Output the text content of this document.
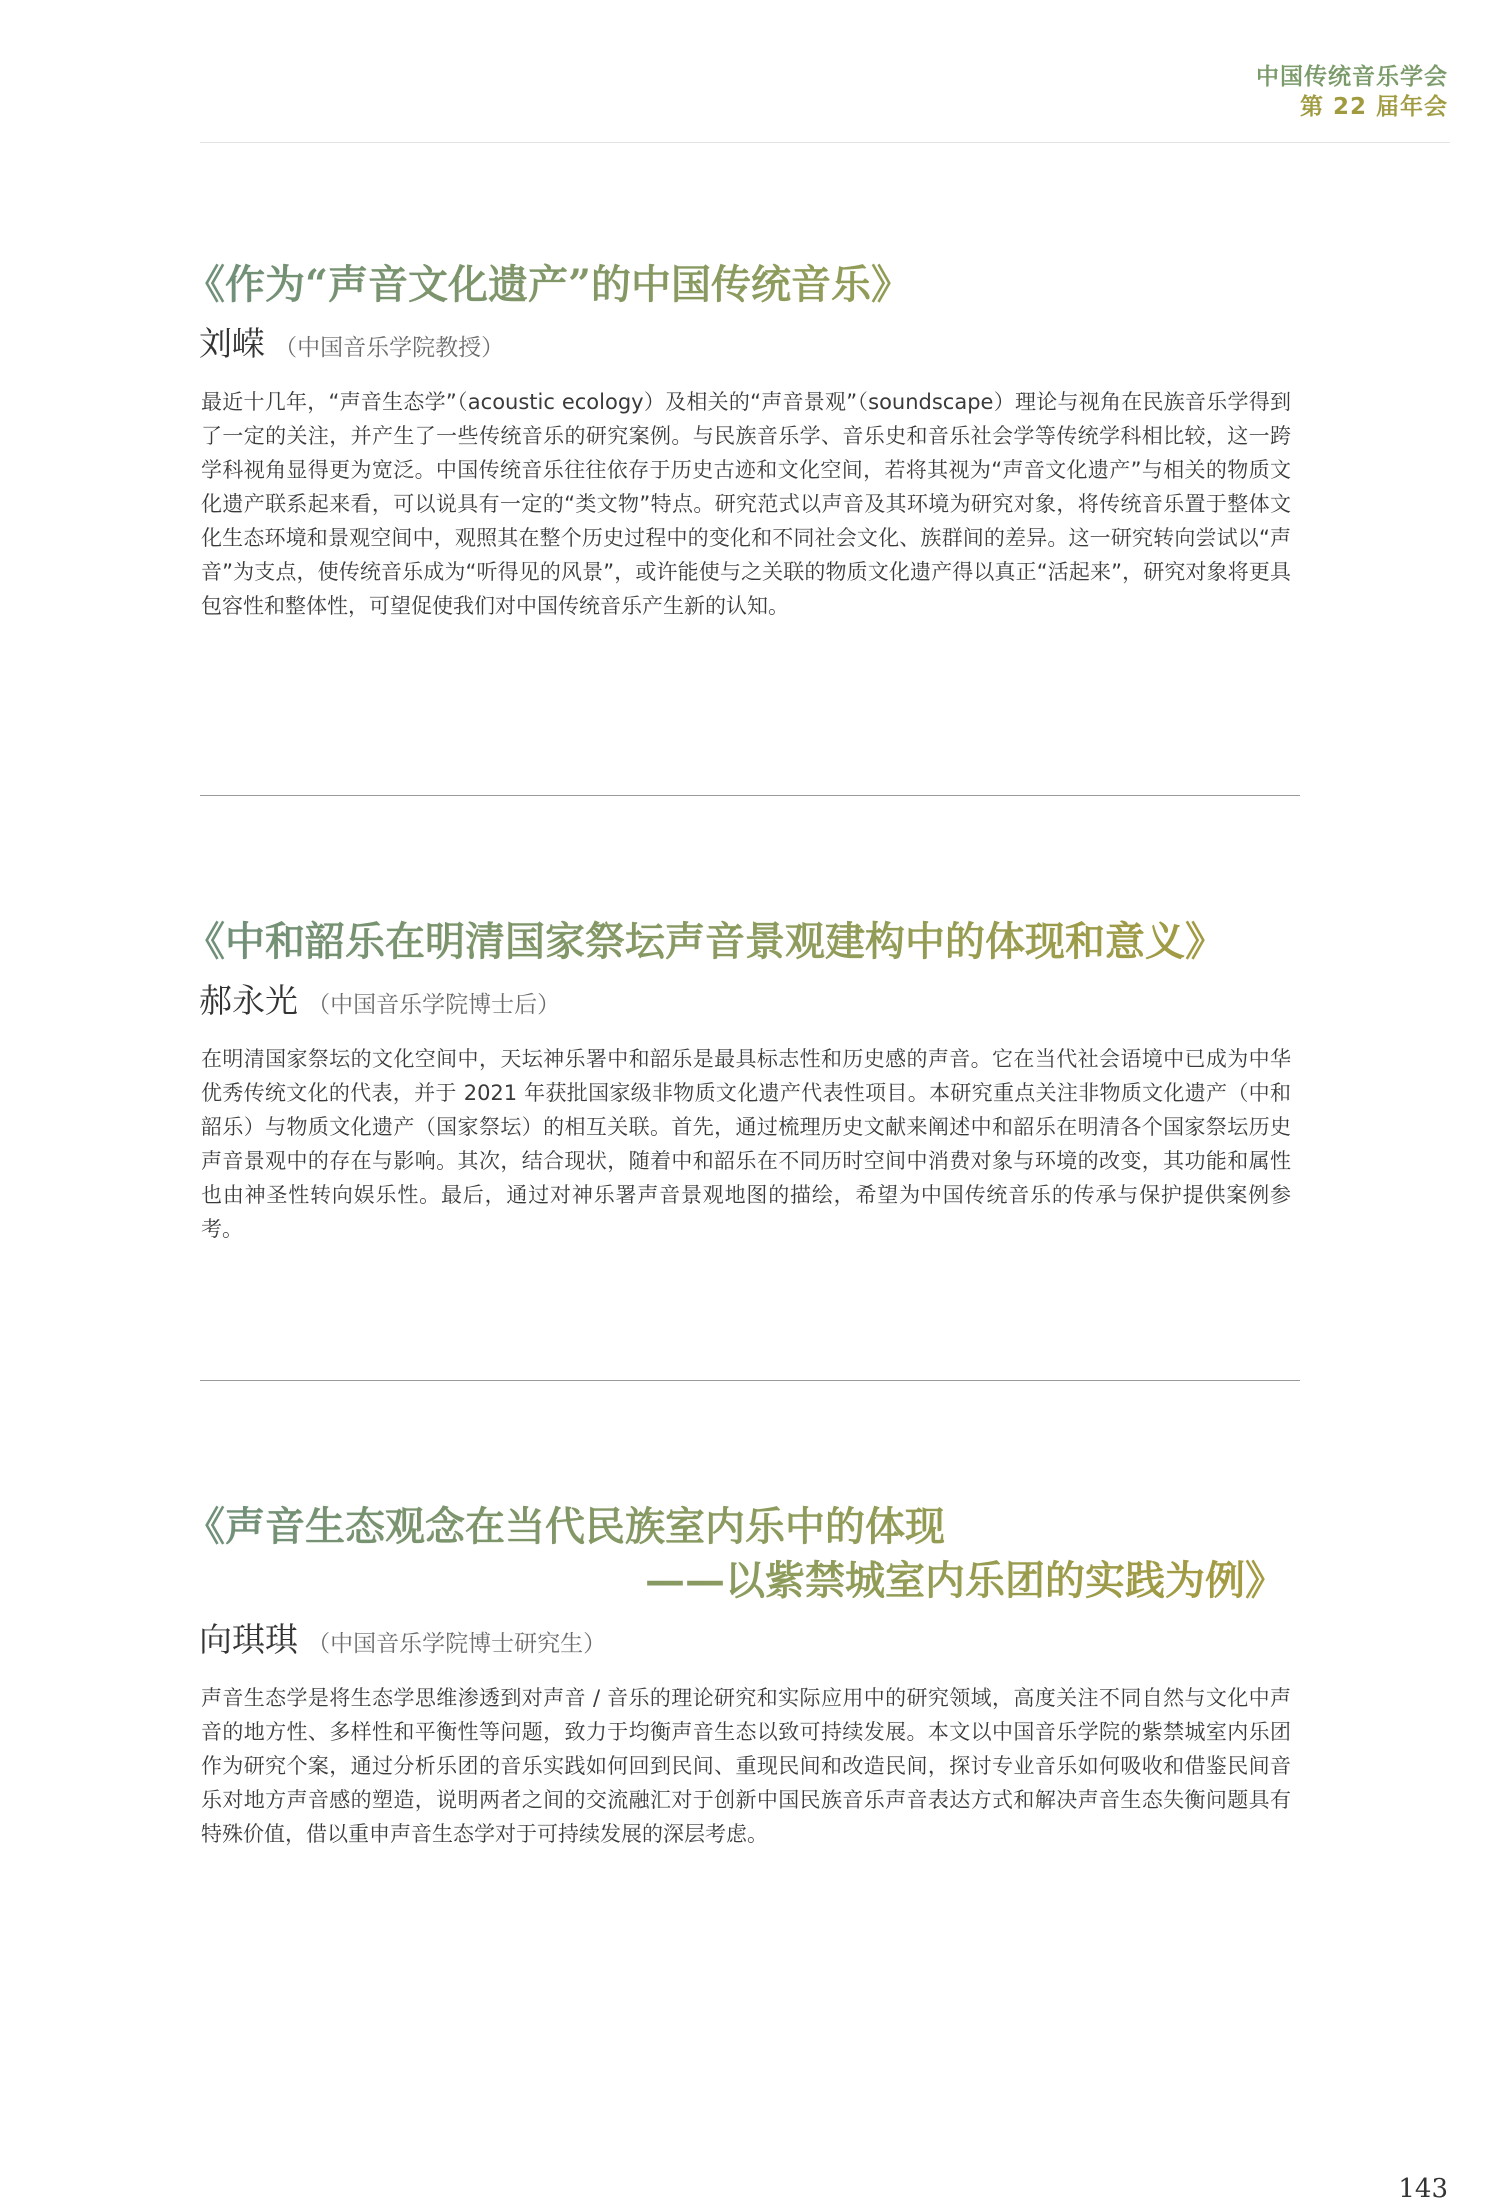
中国传统音乐学会
第 22 届年会
《作为“声音文化遗产”的中国传统音乐》
刘嵘 （中国音乐学院教授）
最近十几年，“声音生态学”（acoustic ecology）及相关的“声音景观”（soundscape）理论与视角在民族音乐学得到了一定的关注，并产生了一些传统音乐的研究案例。与民族音乐学、音乐史和音乐社会学等传统学科相比较，这一跨学科视角显得更为宽泛。中国传统音乐往往依存于历史古迹和文化空间，若将其视为“声音文化遗产”与相关的物质文化遗产联系起来看，可以说具有一定的“类文物”特点。研究范式以声音及其环境为研究对象，将传统音乐置于整体文化生态环境和景观空间中，观照其在整个历史过程中的变化和不同社会文化、族群间的差异。这一研究转向尝试以“声音”为支点，使传统音乐成为“听得见的风景”，或许能使与之关联的物质文化遗产得以真正“活起来”，研究对象将更具包容性和整体性，可望促使我们对中国传统音乐产生新的认知。
《中和韶乐在明清国家祭坛声音景观建构中的体现和意义》
郝永光 （中国音乐学院博士后）
在明清国家祭坛的文化空间中，天坛神乐署中和韶乐是最具标志性和历史感的声音。它在当代社会语境中已成为中华优秀传统文化的代表，并于 2021 年获批国家级非物质文化遗产代表性项目。本研究重点关注非物质文化遗产（中和韶乐）与物质文化遗产（国家祭坛）的相互关联。首先，通过梳理历史文献来阐述中和韶乐在明清各个国家祭坛历史声音景观中的存在与影响。其次，结合现状，随着中和韶乐在不同历时空间中消费对象与环境的改变，其功能和属性也由神圣性转向娱乐性。最后，通过对神乐署声音景观地图的描绘，希望为中国传统音乐的传承与保护提供案例参考。
《声音生态观念在当代民族室内乐中的体现
——以紫禁城室内乐团的实践为例》
向琪琪 （中国音乐学院博士研究生）
声音生态学是将生态学思维渗透到对声音 / 音乐的理论研究和实际应用中的研究领域，高度关注不同自然与文化中声音的地方性、多样性和平衡性等问题，致力于均衡声音生态以致可持续发展。本文以中国音乐学院的紫禁城室内乐团作为研究个案，通过分析乐团的音乐实践如何回到民间、重现民间和改造民间，探讨专业音乐如何吸收和借鉴民间音乐对地方声音感的塑造，说明两者之间的交流融汇对于创新中国民族音乐声音表达方式和解决声音生态失衡问题具有特殊价值，借以重申声音生态学对于可持续发展的深层考虑。
143
